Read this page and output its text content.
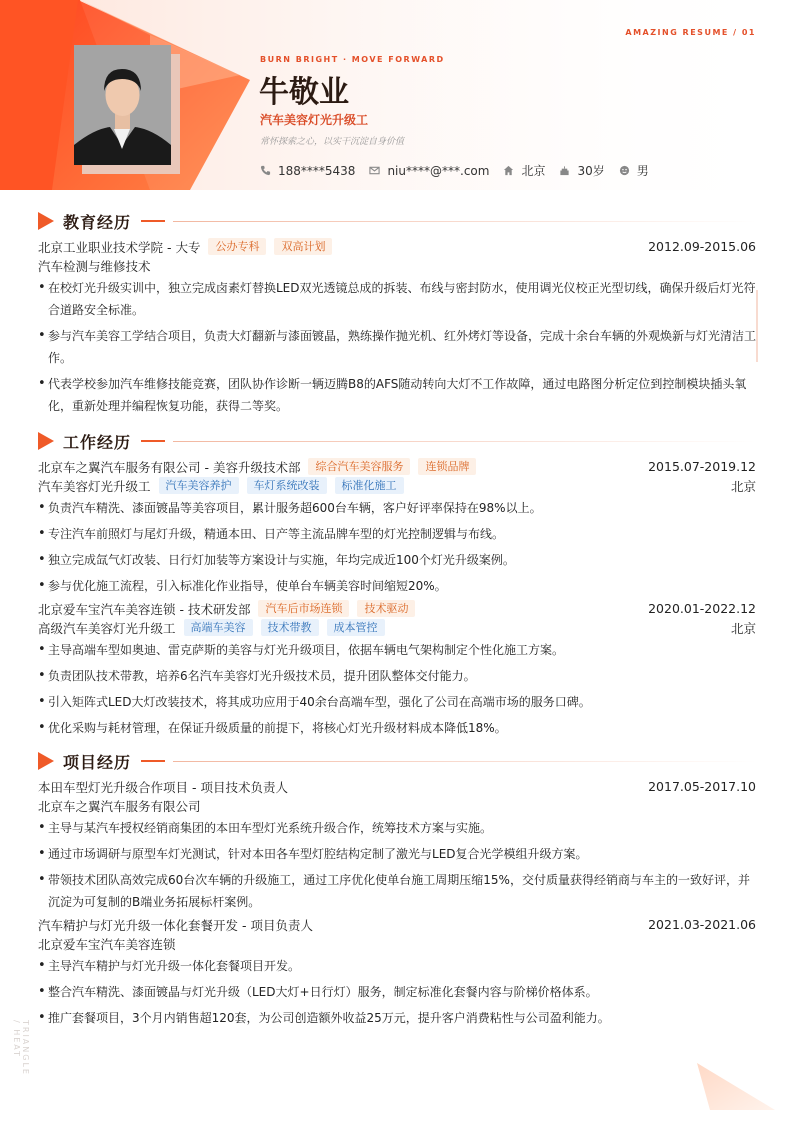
AMAZING RESUME / 01
TRIANGLE / HEAT
BURN BRIGHT · MOVE FORWARD
牛敬业
汽车美容灯光升级工
常怀探索之心，以实干沉淀自身价值
188****5438	niu****@***.com	北京	30岁	男
教育经历
北京工业职业技术学院 - 大专	公办专科	双高计划	2012.09-2015.06
汽车检测与维修技术
• 在校灯光升级实训中，独立完成卤素灯替换LED双光透镜总成的拆装、布线与密封防水，使用调光仪校正光型切线，确保升级后灯光符合道路安全标准。
• 参与汽车美容工学结合项目，负责大灯翻新与漆面镀晶，熟练操作抛光机、红外烤灯等设备，完成十余台车辆的外观焕新与灯光清洁工作。
• 代表学校参加汽车维修技能竞赛，团队协作诊断一辆迈腾B8的AFS随动转向大灯不工作故障，通过电路图分析定位到控制模块插头氧化，重新处理并编程恢复功能，获得二等奖。
工作经历
北京车之翼汽车服务有限公司 - 美容升级技术部	综合汽车美容服务	连锁品牌	2015.07-2019.12
汽车美容灯光升级工	汽车美容养护	车灯系统改装	标准化施工	北京
• 负责汽车精洗、漆面镀晶等美容项目，累计服务超600台车辆，客户好评率保持在98%以上。
• 专注汽车前照灯与尾灯升级，精通本田、日产等主流品牌车型的灯光控制逻辑与布线。
• 独立完成氙气灯改装、日行灯加装等方案设计与实施，年均完成近100个灯光升级案例。
• 参与优化施工流程，引入标准化作业指导，使单台车辆美容时间缩短20%。
北京爱车宝汽车美容连锁 - 技术研发部	汽车后市场连锁	技术驱动	2020.01-2022.12
高级汽车美容灯光升级工	高端车美容	技术带教	成本管控	北京
• 主导高端车型如奥迪、雷克萨斯的美容与灯光升级项目，依据车辆电气架构制定个性化施工方案。
• 负责团队技术带教，培养6名汽车美容灯光升级技术员，提升团队整体交付能力。
• 引入矩阵式LED大灯改装技术，将其成功应用于40余台高端车型，强化了公司在高端市场的服务口碑。
• 优化采购与耗材管理，在保证升级质量的前提下，将核心灯光升级材料成本降低18%。
项目经历
本田车型灯光升级合作项目 - 项目技术负责人	2017.05-2017.10
北京车之翼汽车服务有限公司
• 主导与某汽车授权经销商集团的本田车型灯光系统升级合作，统筹技术方案与实施。
• 通过市场调研与原型车灯光测试，针对本田各车型灯腔结构定制了激光与LED复合光学模组升级方案。
• 带领技术团队高效完成60台次车辆的升级施工，通过工序优化使单台施工周期压缩15%，交付质量获得经销商与车主的一致好评，并沉淀为可复制的B端业务拓展标杆案例。
汽车精护与灯光升级一体化套餐开发 - 项目负责人	2021.03-2021.06
北京爱车宝汽车美容连锁
• 主导汽车精护与灯光升级一体化套餐项目开发。
• 整合汽车精洗、漆面镀晶与灯光升级（LED大灯+日行灯）服务，制定标准化套餐内容与阶梯价格体系。
• 推广套餐项目，3个月内销售超120套，为公司创造额外收益25万元，提升客户消费粘性与公司盈利能力。
